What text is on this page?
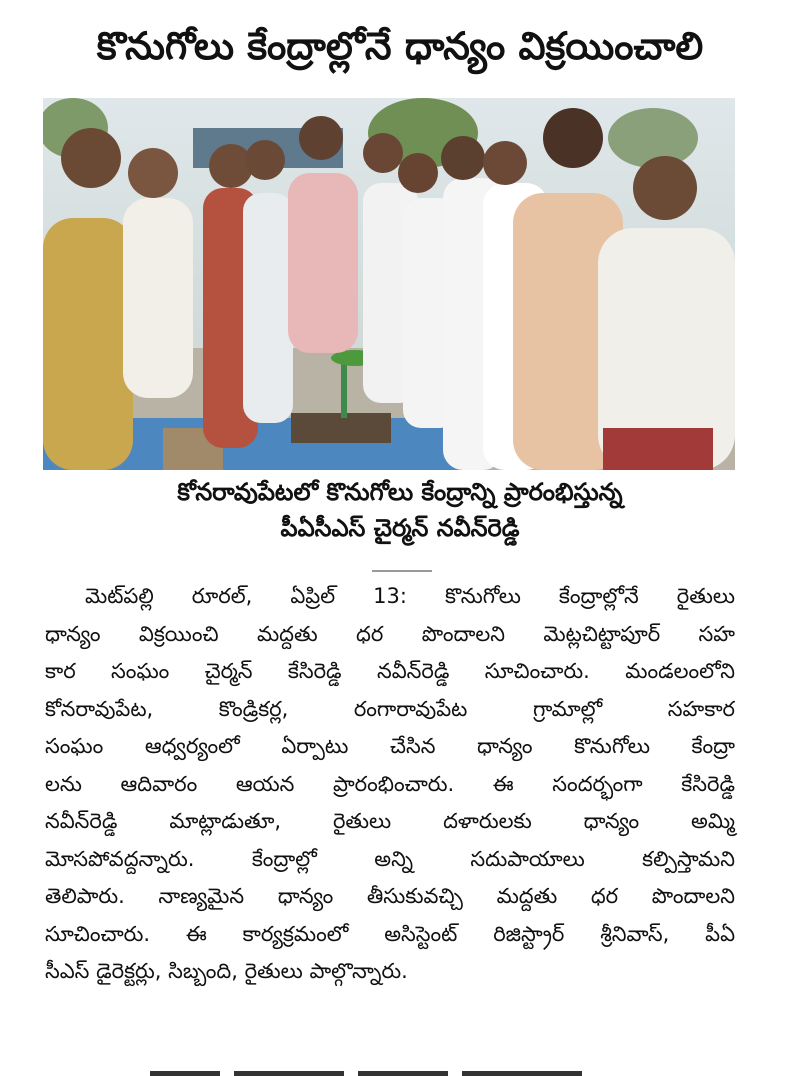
కొనుగోలు కేంద్రాల్లోనే ధాన్యం విక్రయించాలి
కోనరావుపేటలో కొనుగోలు కేంద్రాన్ని ప్రారంభిస్తున్న
పీఏసీఎస్ చైర్మన్ నవీన్‌రెడ్డి
మెట్‌పల్లి రూరల్, ఏప్రిల్ 13: కొనుగోలు కేంద్రాల్లోనే రైతులు
ధాన్యం విక్రయించి మద్దతు ధర పొందాలని మెట్లచిట్టాపూర్ సహ
కార సంఘం చైర్మన్ కేసిరెడ్డి నవీన్‌రెడ్డి సూచించారు. మండలంలోని
కోనరావుపేట, కొండ్రికర్ల, రంగారావుపేట గ్రామాల్లో సహకార
సంఘం ఆధ్వర్యంలో ఏర్పాటు చేసిన ధాన్యం కొనుగోలు కేంద్రా
లను ఆదివారం ఆయన ప్రారంభించారు. ఈ సందర్భంగా కేసిరెడ్డి
నవీన్‌రెడ్డి మాట్లాడుతూ, రైతులు దళారులకు ధాన్యం అమ్మి
మోసపోవద్దన్నారు. కేంద్రాల్లో అన్ని సదుపాయాలు కల్పిస్తామని
తెలిపారు. నాణ్యమైన ధాన్యం తీసుకువచ్చి మద్దతు ధర పొందాలని
సూచించారు. ఈ కార్యక్రమంలో అసిస్టెంట్ రిజిస్ట్రార్ శ్రీనివాస్, పీఏ
సీఎస్ డైరెక్టర్లు, సిబ్బంది, రైతులు పాల్గొన్నారు.
